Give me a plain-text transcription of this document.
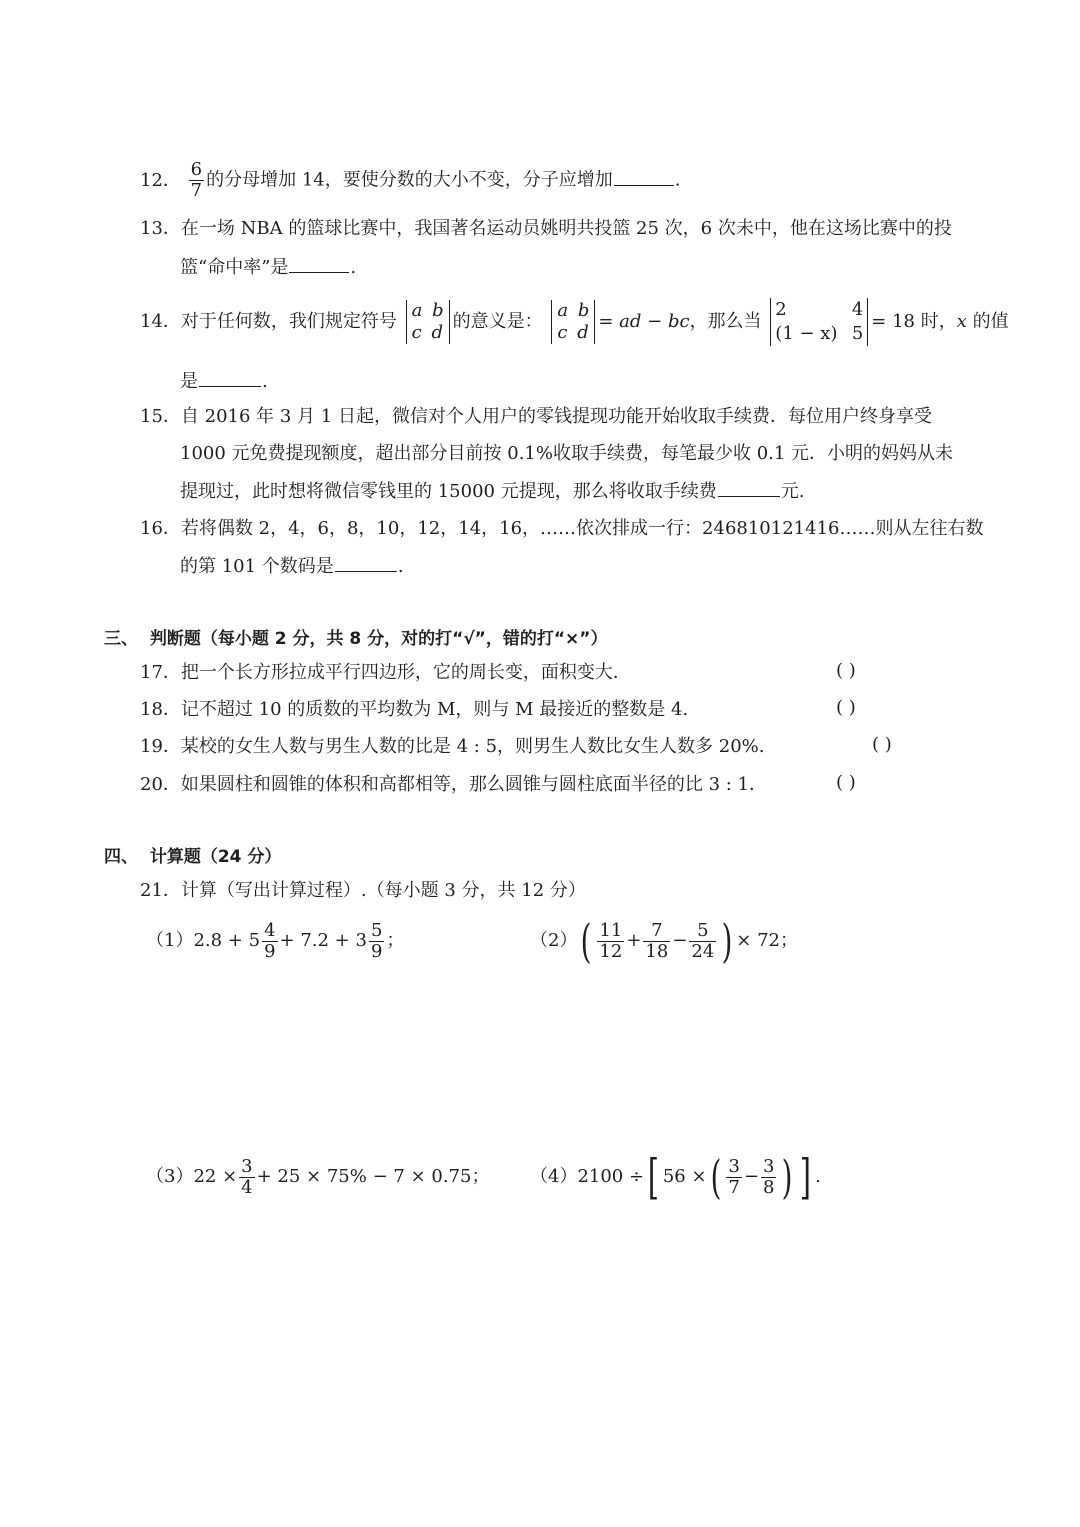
12． $\frac{6}{7}$ 的分母增加 14，要使分数的大小不变，分子应增加	.
13．在一场 NBA 的篮球比赛中，我国著名运动员姚明共投篮 25 次，6 次未中，他在这场比赛中的投
篮“命中率”是	.
14．对于任何数，我们规定符号
a b
c d
的意义是：
a b
c d
= ad − bc，那么当
2	4
(1 − x) 5
= 18 时，x 的值
是	.
15．自 2016 年 3 月 1 日起，微信对个人用户的零钱提现功能开始收取手续费．每位用户终身享受
1000 元免费提现额度，超出部分目前按 0.1%收取手续费，每笔最少收 0.1 元．小明的妈妈从未
提现过，此时想将微信零钱里的 15000 元提现，那么将收取手续费	元.
16．若将偶数 2，4，6，8，10，12，14，16，……依次排成一行：246810121416……则从左往右数
的第 101 个数码是	.
三、 判断题（每小题 2 分，共 8 分，对的打“√”，错的打“×”）
17．把一个长方形拉成平行四边形，它的周长变，面积变大．	( )
18．记不超过 10 的质数的平均数为 M，则与 M 最接近的整数是 4.	( )
19．某校的女生人数与男生人数的比是 4 : 5，则男生人数比女生人数多 20%.	( )
20．如果圆柱和圆锥的体积和高都相等，那么圆锥与圆柱底面半径的比 3 : 1．	( )
四、 计算题（24 分）
21．计算（写出计算过程）.（每小题 3 分，共 12 分）
$(1)2.8 + 5 \frac{4}{9} + 7.2 + 3 \frac{5}{9}$ ；	$(2)( \frac{11}{12} + \frac{7}{18} - \frac{5}{24}$ ) × 72；
$(3)22 \times \frac{3}{4} + 25 \times 75\% - 7 \times 0.75$； （4）2100 ÷[ 56 ×( $\frac{3}{7} - \frac{3}{8}$ ) ] .
